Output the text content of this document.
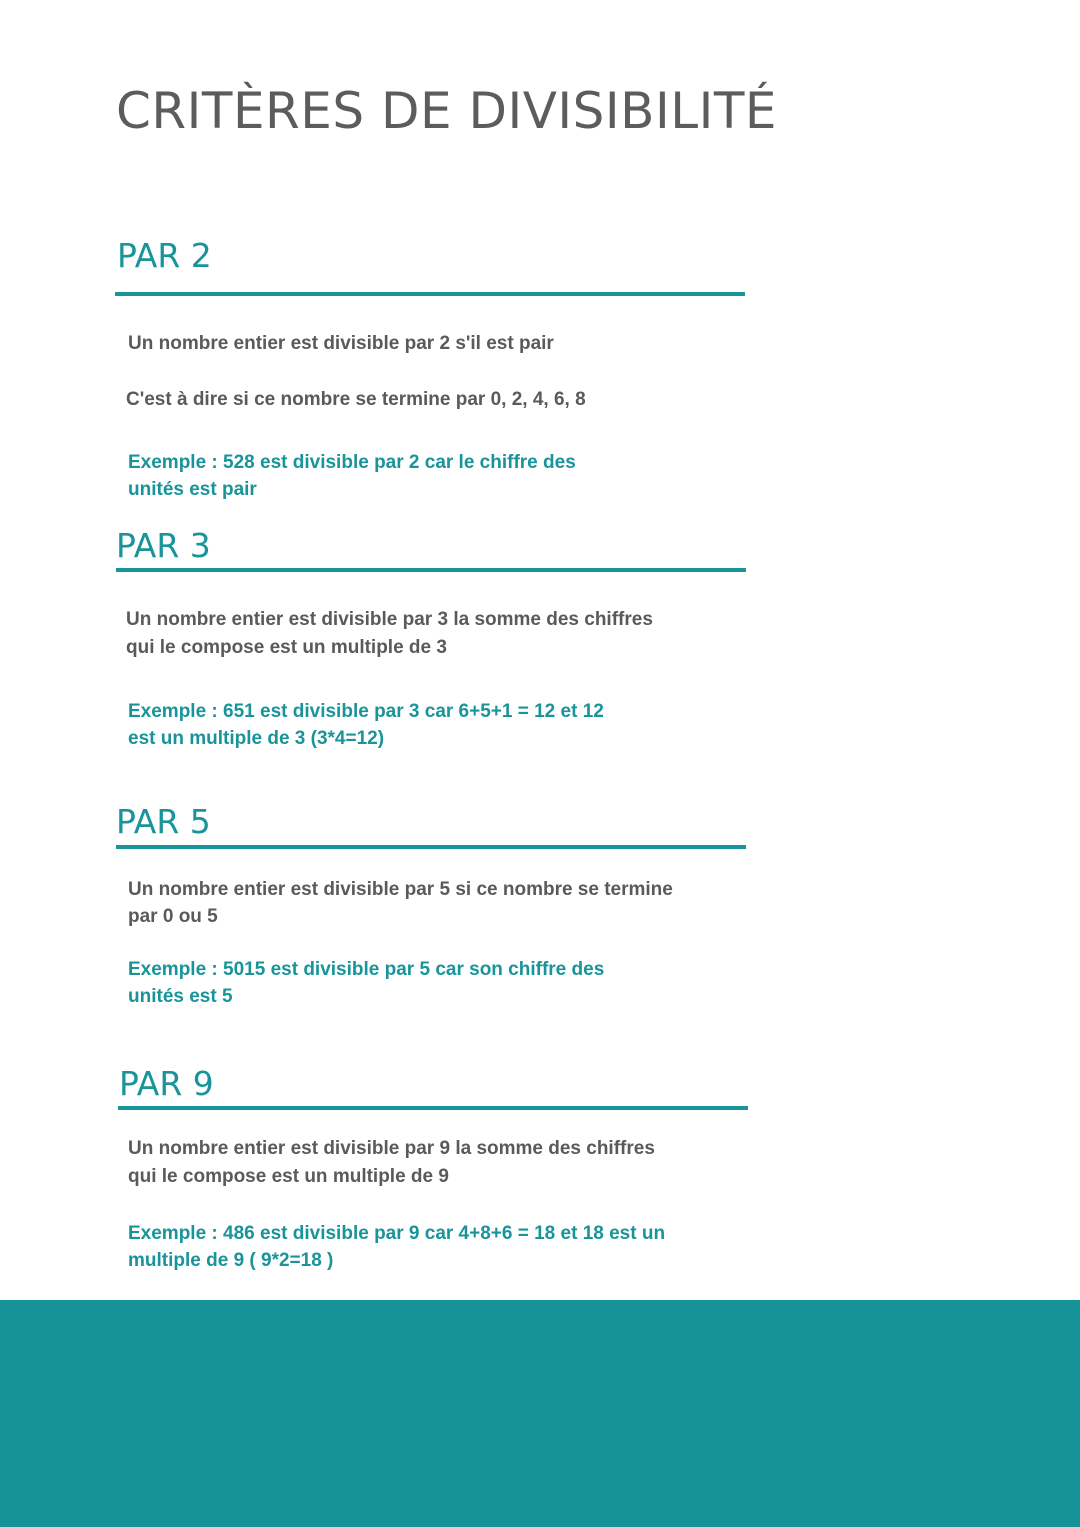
CRITÈRES DE DIVISIBILITÉ
PAR 2

Un nombre entier est divisible par 2 s'il est pair

C'est à dire si ce nombre se termine par 0, 2, 4, 6, 8

Exemple : 528 est divisible par 2 car le chiffre des

unités est pair

PAR 3

Un nombre entier est divisible par 3 la somme des chiffres

qui le compose est un multiple de 3

Exemple : 651 est divisible par 3 car 6+5+1 = 12 et 12

est un multiple de 3 (3*4=12)

PAR 5

Un nombre entier est divisible par 5 si ce nombre se termine

par 0 ou 5

Exemple : 5015 est divisible par 5 car son chiffre des

unités est 5

PAR 9

Un nombre entier est divisible par 9 la somme des chiffres

qui le compose est un multiple de 9

Exemple : 486 est divisible par 9 car 4+8+6 = 18 et 18 est un

multiple de 9 ( 9*2=18 )
